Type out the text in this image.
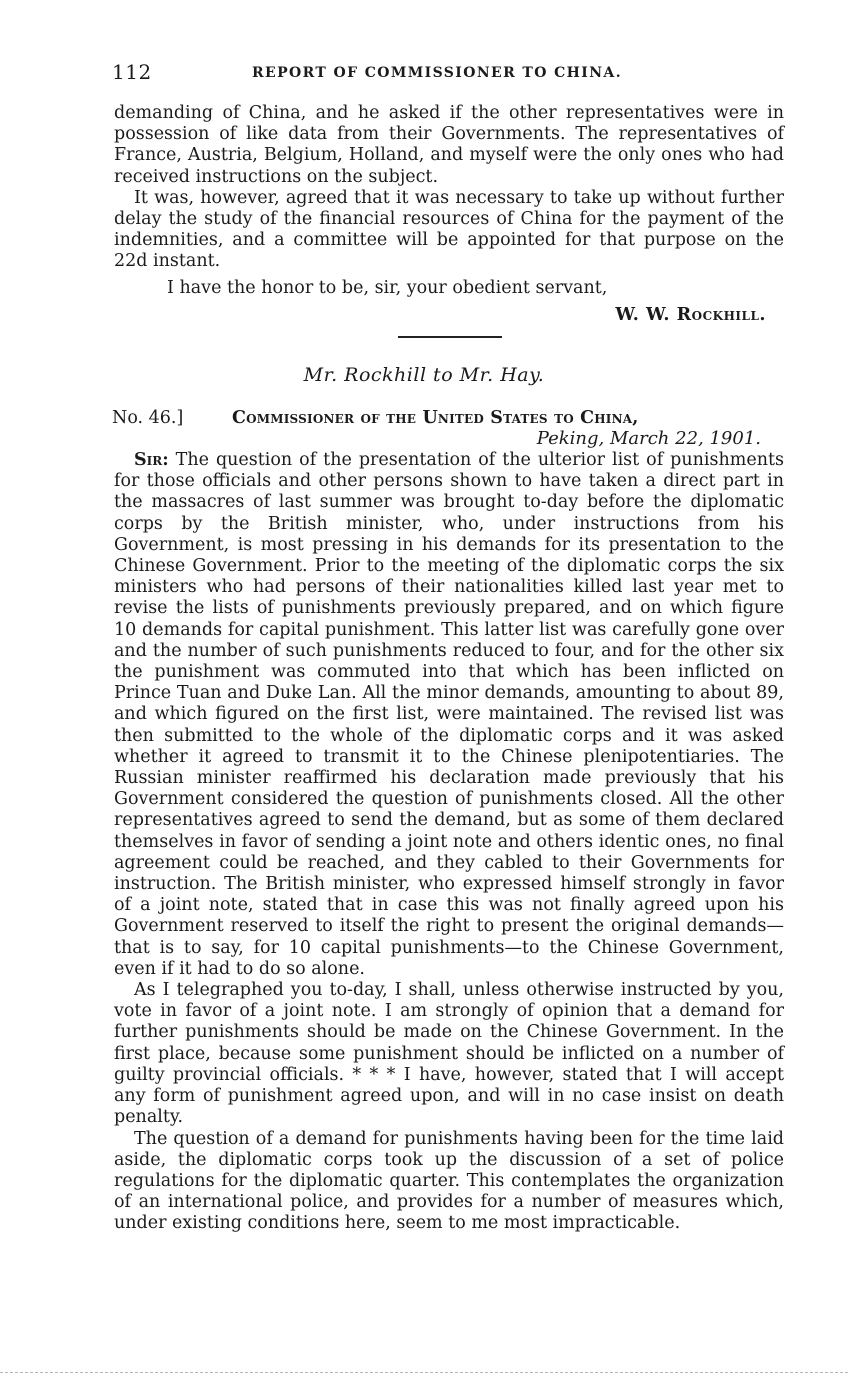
112	REPORT OF COMMISSIONER TO CHINA.

demanding of China, and he asked if the other representatives were in possession of like data from their Governments. The representatives of France, Austria, Belgium, Holland, and myself were the only ones who had received instructions on the subject.

It was, however, agreed that it was necessary to take up without further delay the study of the financial resources of China for the payment of the indemnities, and a committee will be appointed for that purpose on the 22d instant.

I have the honor to be, sir, your obedient servant,
W. W. Rockhill.
Mr. Rockhill to Mr. Hay.
No. 46.]	Commissioner of the United States to China,
Peking, March 22, 1901.

Sir: The question of the presentation of the ulterior list of punishments for those officials and other persons shown to have taken a direct part in the massacres of last summer was brought to-day before the diplomatic corps by the British minister, who, under instructions from his Government, is most pressing in his demands for its presentation to the Chinese Government. Prior to the meeting of the diplomatic corps the six ministers who had persons of their nationalities killed last year met to revise the lists of punishments previously prepared, and on which figure 10 demands for capital punishment. This latter list was carefully gone over and the number of such punishments reduced to four, and for the other six the punishment was commuted into that which has been inflicted on Prince Tuan and Duke Lan. All the minor demands, amounting to about 89, and which figured on the first list, were maintained. The revised list was then submitted to the whole of the diplomatic corps and it was asked whether it agreed to transmit it to the Chinese plenipotentiaries. The Russian minister reaffirmed his declaration made previously that his Government considered the question of punishments closed. All the other representatives agreed to send the demand, but as some of them declared themselves in favor of sending a joint note and others identic ones, no final agreement could be reached, and they cabled to their Governments for instruction. The British minister, who expressed himself strongly in favor of a joint note, stated that in case this was not finally agreed upon his Government reserved to itself the right to present the original demands—that is to say, for 10 capital punishments—to the Chinese Government, even if it had to do so alone.

As I telegraphed you to-day, I shall, unless otherwise instructed by you, vote in favor of a joint note. I am strongly of opinion that a demand for further punishments should be made on the Chinese Government. In the first place, because some punishment should be inflicted on a number of guilty provincial officials. * * * I have, however, stated that I will accept any form of punishment agreed upon, and will in no case insist on death penalty.

The question of a demand for punishments having been for the time laid aside, the diplomatic corps took up the discussion of a set of police regulations for the diplomatic quarter. This contemplates the organization of an international police, and provides for a number of measures which, under existing conditions here, seem to me most impracticable.
